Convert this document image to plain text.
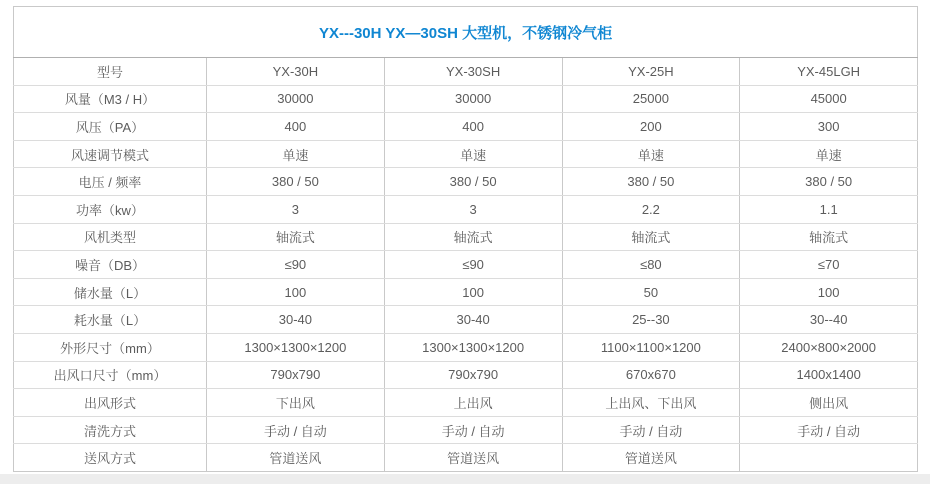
YX---30H YX—30SH 大型机，不锈钢冷气柜				
型号	YX-30H	YX-30SH	YX-25H	YX-45LGH
风量（M3 / H）	30000	30000	25000	45000
风压（PA）	400	400	200	300
风速调节模式	单速	单速	单速	单速
电压 / 频率	380 / 50	380 / 50	380 / 50	380 / 50
功率（kw）	3	3	2.2	1.1
风机类型	轴流式	轴流式	轴流式	轴流式
噪音（DB）	≤90	≤90	≤80	≤70
储水量（L）	100	100	50	100
耗水量（L）	30-40	30-40	25--30	30--40
外形尺寸（mm）	1300×1300×1200	1300×1300×1200	1100×1100×1200	2400×800×2000
出风口尺寸（mm）	790x790	790x790	670x670	1400x1400
出风形式	下出风	上出风	上出风、下出风	侧出风
清洗方式	手动 / 自动	手动 / 自动	手动 / 自动	手动 / 自动
送风方式	管道送风	管道送风	管道送风	
